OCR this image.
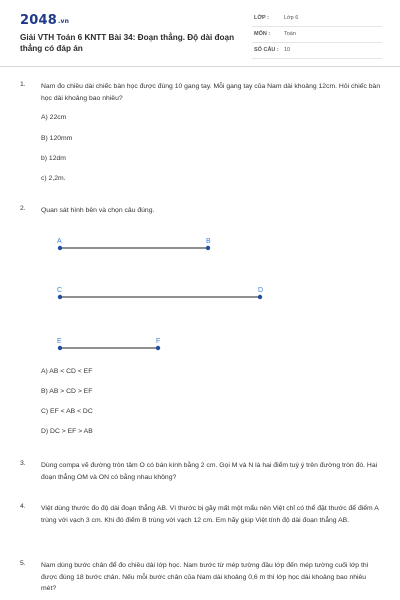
2048.vn
Giải VTH Toán 6 KNTT Bài 34: Đoạn thẳng. Độ dài đoạn thẳng có đáp án
LỚP :	Lớp 6
MÔN :	Toán
SỐ CÂU : 10
1. Nam đo chiều dài chiếc bàn học được đúng 10 gang tay. Mỗi gang tay của Nam dài khoảng 12cm. Hỏi chiếc bàn học dài khoảng bao nhiêu?
A) 22cm
B) 120mm
b) 12dm
c) 2,2m.
2. Quan sát hình bên và chọn câu đúng.
A	B
C	D
E	F
A) AB < CD < EF
B) AB > CD > EF
C) EF < AB < DC
D) DC > EF > AB
3. Dùng compa vẽ đường tròn tâm O có bán kính bằng 2 cm. Gọi M và N là hai điểm tuỳ ý trên đường tròn đó. Hai đoạn thẳng OM và ON có bằng nhau không?
4. Việt dùng thước đo độ dài đoạn thẳng AB. Vì thước bị gãy mất một mẩu nên Việt chỉ có thể đặt thước để điểm A trùng với vạch 3 cm. Khi đó điểm B trùng với vạch 12 cm. Em hãy giúp Việt tính độ dài đoạn thẳng AB.
5. Nam dùng bước chân để đo chiều dài lớp học. Nam bước từ mép tường đầu lớp đến mép tường cuối lớp thì được đúng 18 bước chân. Nếu mỗi bước chân của Nam dài khoảng 0,6 m thì lớp học dài khoảng bao nhiêu mét?
